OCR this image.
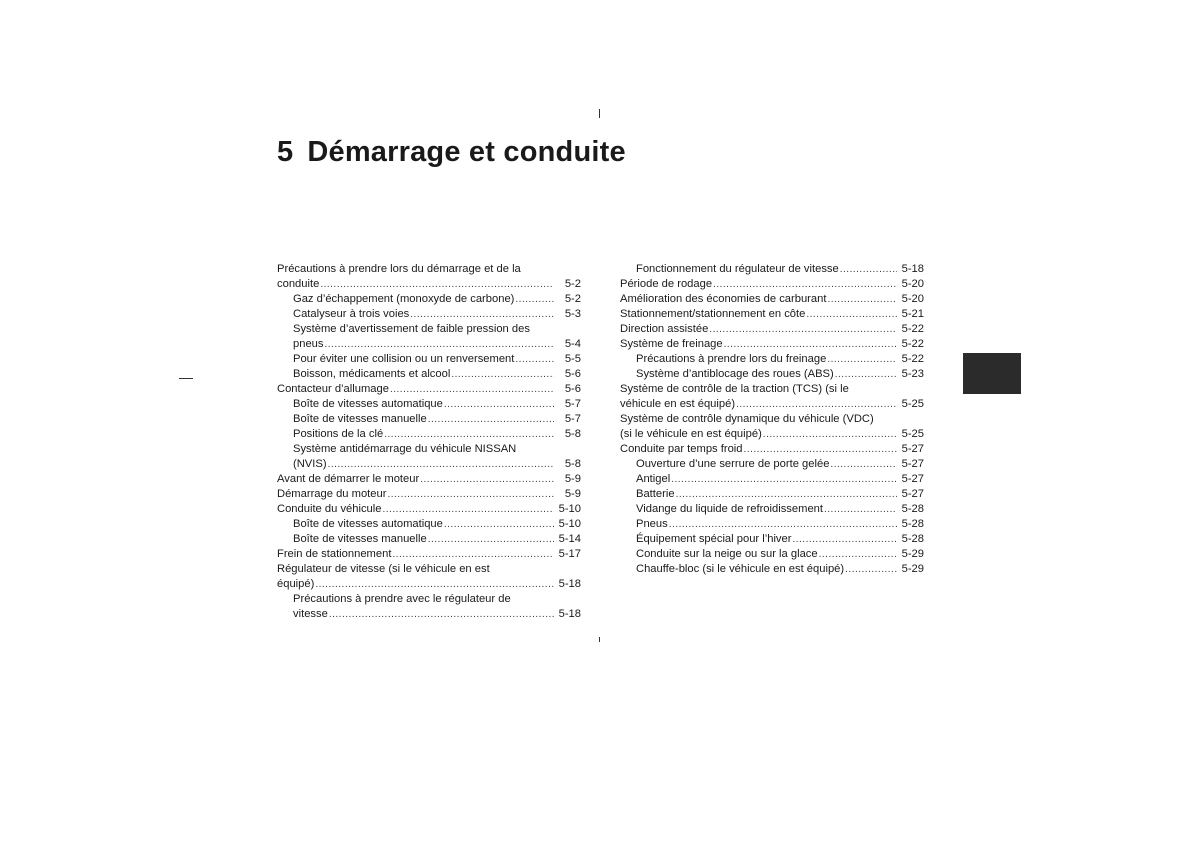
5 Démarrage et conduite
Précautions à prendre lors du démarrage et de la
conduite .....	5-2
Gaz d’échappement (monoxyde de carbone) .....	5-2
Catalyseur à trois voies .....	5-3
Système d’avertissement de faible pression des
pneus .....	5-4
Pour éviter une collision ou un renversement .....	5-5
Boisson, médicaments et alcool .....	5-6
Contacteur d’allumage .....	5-6
Boîte de vitesses automatique .....	5-7
Boîte de vitesses manuelle .....	5-7
Positions de la clé .....	5-8
Système antidémarrage du véhicule NISSAN
(NVIS) .....	5-8
Avant de démarrer le moteur .....	5-9
Démarrage du moteur .....	5-9
Conduite du véhicule .....	5-10
Boîte de vitesses automatique .....	5-10
Boîte de vitesses manuelle .....	5-14
Frein de stationnement .....	5-17
Régulateur de vitesse (si le véhicule en est
équipé) .....	5-18
Précautions à prendre avec le régulateur de
vitesse .....	5-18
Fonctionnement du régulateur de vitesse .....	5-18
Période de rodage .....	5-20
Amélioration des économies de carburant .....	5-20
Stationnement/stationnement en côte .....	5-21
Direction assistée .....	5-22
Système de freinage .....	5-22
Précautions à prendre lors du freinage .....	5-22
Système d’antiblocage des roues (ABS) .....	5-23
Système de contrôle de la traction (TCS) (si le
véhicule en est équipé) .....	5-25
Système de contrôle dynamique du véhicule (VDC)
(si le véhicule en est équipé) .....	5-25
Conduite par temps froid .....	5-27
Ouverture d’une serrure de porte gelée .....	5-27
Antigel .....	5-27
Batterie .....	5-27
Vidange du liquide de refroidissement .....	5-28
Pneus .....	5-28
Équipement spécial pour l’hiver .....	5-28
Conduite sur la neige ou sur la glace .....	5-29
Chauffe-bloc (si le véhicule en est équipé) .....	5-29
